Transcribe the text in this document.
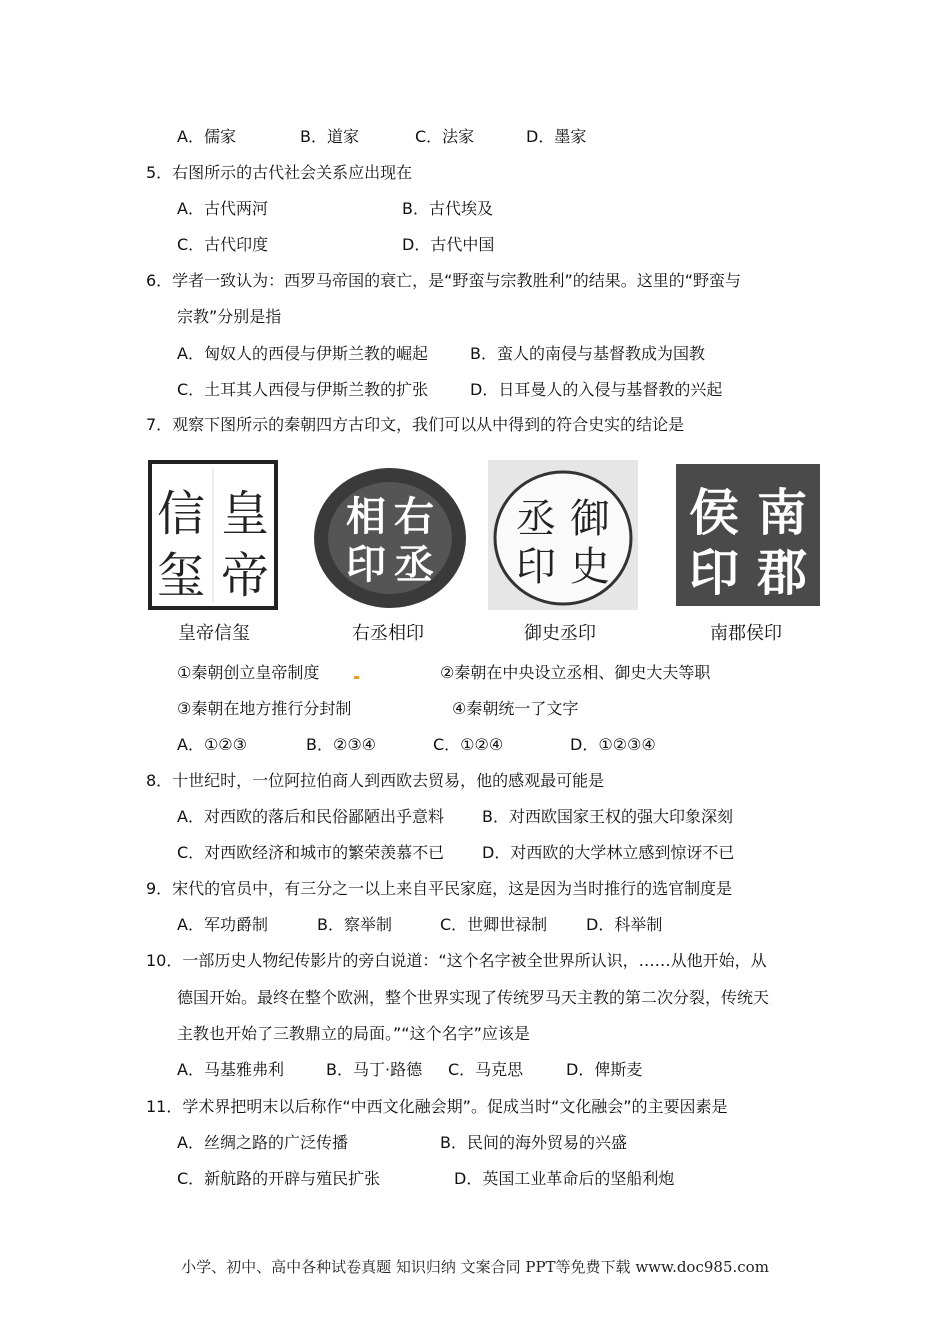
A．儒家	B．道家	C．法家	D．墨家
5．右图所示的古代社会关系应出现在
A．古代两河	B．古代埃及
C．古代印度	D．古代中国
6．学者一致认为：西罗马帝国的衰亡，是“野蛮与宗教胜利”的结果。这里的“野蛮与
宗教”分别是指
A．匈奴人的西侵与伊斯兰教的崛起	B．蛮人的南侵与基督教成为国教
C．土耳其人西侵与伊斯兰教的扩张	D．日耳曼人的入侵与基督教的兴起
7．观察下图所示的秦朝四方古印文，我们可以从中得到的符合史实的结论是
皇
帝
信
玺
右
丞
相
印
御
史
丞
印
南
郡
侯
印
皇帝信玺	右丞相印	御史丞印	南郡侯印
①秦朝创立皇帝制度	②秦朝在中央设立丞相、御史大夫等职
③秦朝在地方推行分封制	④秦朝统一了文字
A．①②③	B．②③④	C．①②④	D．①②③④
8．十世纪时，一位阿拉伯商人到西欧去贸易，他的感观最可能是
A．对西欧的落后和民俗鄙陋出乎意料 B．对西欧国家王权的强大印象深刻
C．对西欧经济和城市的繁荣羡慕不已 D．对西欧的大学林立感到惊讶不已
9．宋代的官员中，有三分之一以上来自平民家庭，这是因为当时推行的选官制度是
A．军功爵制	B．察举制	C．世卿世禄制 D．科举制
10．一部历史人物纪传影片的旁白说道：“这个名字被全世界所认识，……从他开始，从
德国开始。最终在整个欧洲，整个世界实现了传统罗马天主教的第二次分裂，传统天
主教也开始了三教鼎立的局面。”“这个名字”应该是
A．马基雅弗利	B．马丁·路德 C．马克思	D．俾斯麦
11．学术界把明末以后称作“中西文化融会期”。促成当时“文化融会”的主要因素是
A．丝绸之路的广泛传播	B．民间的海外贸易的兴盛
C．新航路的开辟与殖民扩张	D．英国工业革命后的坚船利炮
小学、初中、高中各种试卷真题 知识归纳 文案合同 PPT等免费下载 www.doc985.com
